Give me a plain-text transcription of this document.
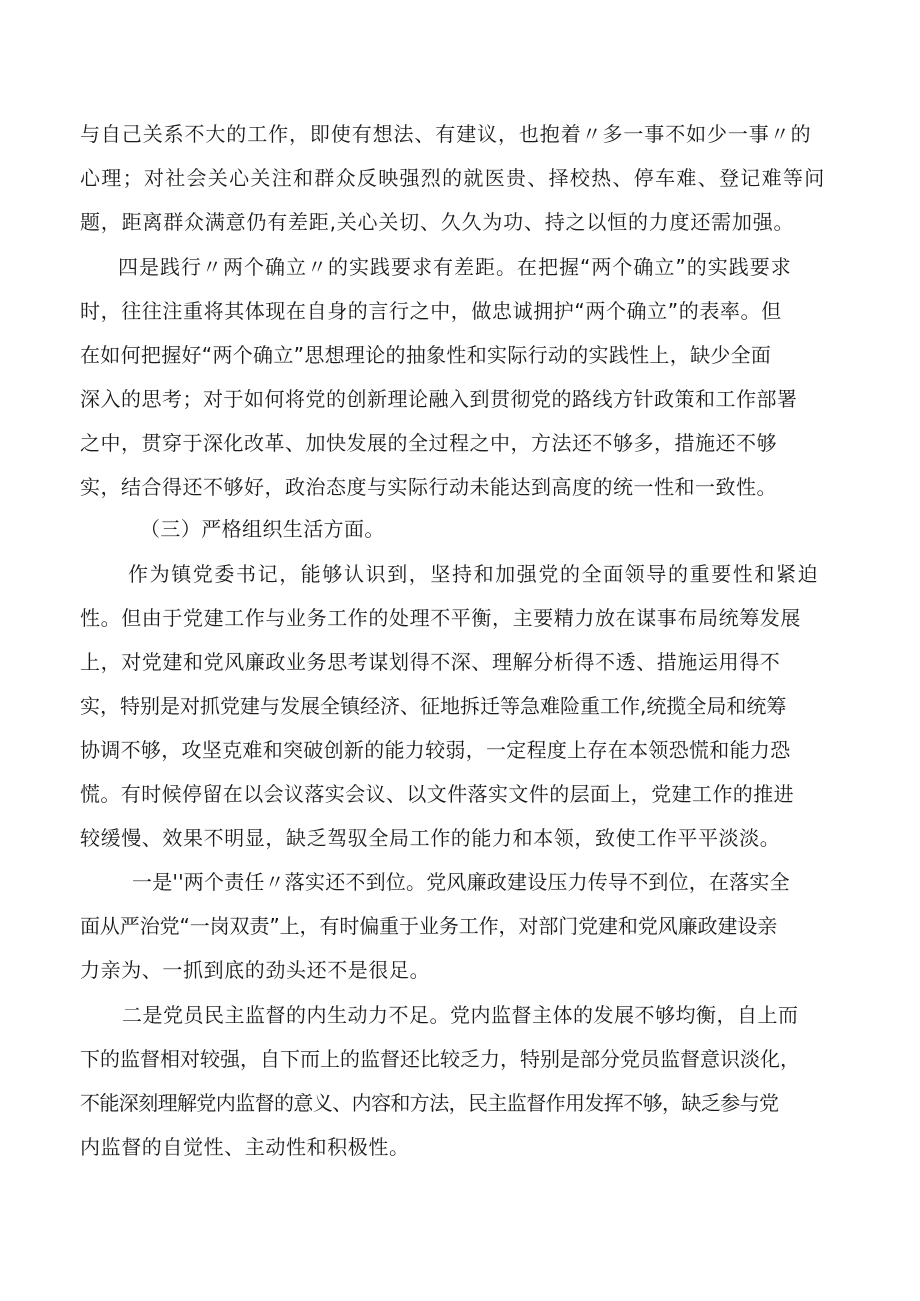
与自己关系不大的工作，即使有想法、有建议，也抱着〃多一事不如少一事〃的

心理；对社会关心关注和群众反映强烈的就医贵、择校热、停车难、登记难等问

题，距离群众满意仍有差距,关心关切、久久为功、持之以恒的力度还需加强。

四是践行〃两个确立〃的实践要求有差距。在把握“两个确立”的实践要求

时，往往注重将其体现在自身的言行之中，做忠诚拥护“两个确立”的表率。但

在如何把握好“两个确立”思想理论的抽象性和实际行动的实践性上，缺少全面

深入的思考；对于如何将党的创新理论融入到贯彻党的路线方针政策和工作部署

之中，贯穿于深化改革、加快发展的全过程之中，方法还不够多，措施还不够

实，结合得还不够好，政治态度与实际行动未能达到高度的统一性和一致性。

（三）严格组织生活方面。

作为镇党委书记，能够认识到，坚持和加强党的全面领导的重要性和紧迫

性。但由于党建工作与业务工作的处理不平衡，主要精力放在谋事布局统筹发展

上，对党建和党风廉政业务思考谋划得不深、理解分析得不透、措施运用得不

实，特别是对抓党建与发展全镇经济、征地拆迁等急难险重工作,统揽全局和统筹

协调不够，攻坚克难和突破创新的能力较弱，一定程度上存在本领恐慌和能力恐

慌。有时候停留在以会议落实会议、以文件落实文件的层面上，党建工作的推进

较缓慢、效果不明显，缺乏驾驭全局工作的能力和本领，致使工作平平淡淡。

一是''两个责任〃落实还不到位。党风廉政建设压力传导不到位，在落实全

面从严治党“一岗双责”上，有时偏重于业务工作，对部门党建和党风廉政建设亲

力亲为、一抓到底的劲头还不是很足。

二是党员民主监督的内生动力不足。党内监督主体的发展不够均衡，自上而

下的监督相对较强，自下而上的监督还比较乏力，特别是部分党员监督意识淡化，

不能深刻理解党内监督的意义、内容和方法，民主监督作用发挥不够，缺乏参与党

内监督的自觉性、主动性和积极性。
